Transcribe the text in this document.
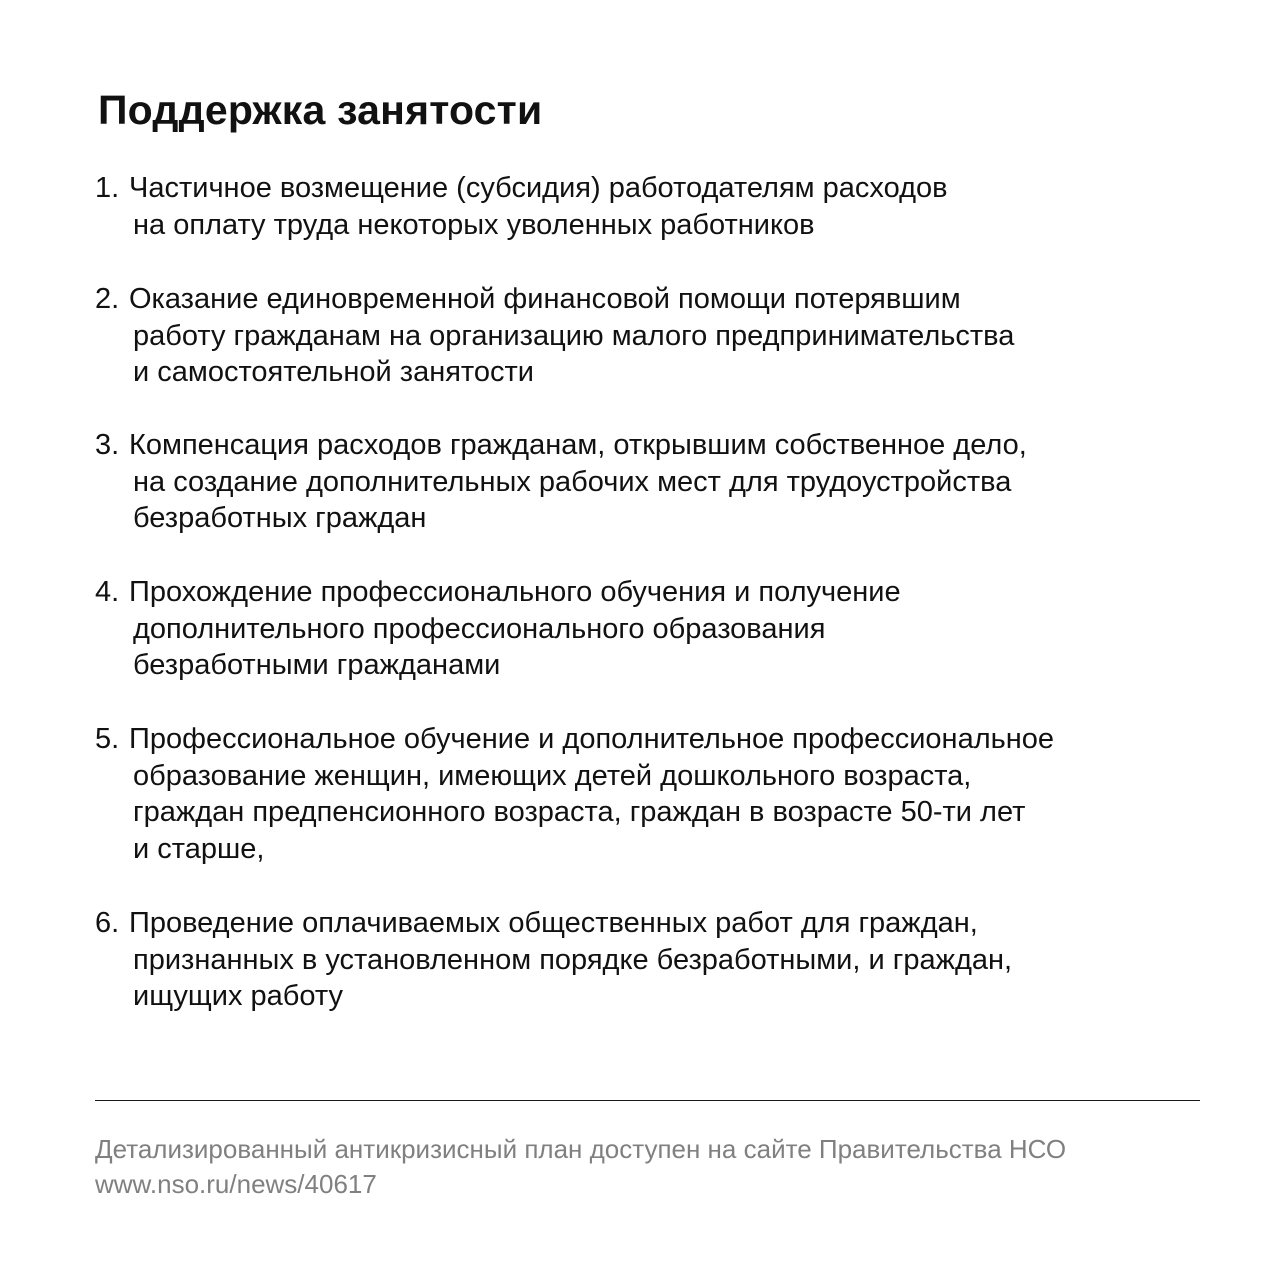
Поддержка занятости
1. Частичное возмещение (субсидия) работодателям расходов
на оплату труда некоторых уволенных работников
2. Оказание единовременной финансовой помощи потерявшим
работу гражданам на организацию малого предпринимательства
и самостоятельной занятости
3. Компенсация расходов гражданам, открывшим собственное дело,
на создание дополнительных рабочих мест для трудоустройства
безработных граждан
4. Прохождение профессионального обучения и получение
дополнительного профессионального образования
безработными гражданами
5. Профессиональное обучение и дополнительное профессиональное
образование женщин, имеющих детей дошкольного возраста,
граждан предпенсионного возраста, граждан в возрасте 50-ти лет
и старше,
6. Проведение оплачиваемых общественных работ для граждан,
признанных в установленном порядке безработными, и граждан,
ищущих работу
Детализированный антикризисный план доступен на сайте Правительства НСО
www.nso.ru/news/40617
